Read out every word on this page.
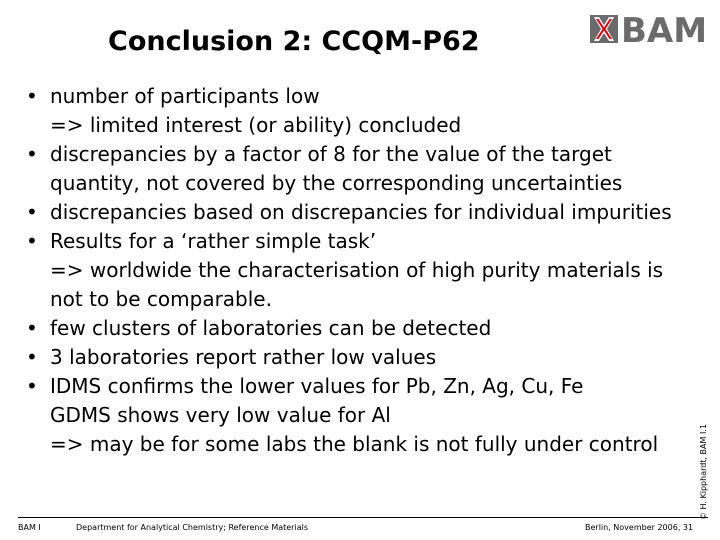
Conclusion 2: CCQM-P62	BAM
• number of participants low
=> limited interest (or ability) concluded
• discrepancies by a factor of 8 for the value of the target
quantity, not covered by the corresponding uncertainties
• discrepancies based on discrepancies for individual impurities
• Results for a ‘rather simple task’
=> worldwide the characterisation of high purity materials is
not to be comparable.
• few clusters of laboratories can be detected
• 3 laboratories report rather low values
• IDMS confirms the lower values for Pb, Zn, Ag, Cu, Fe
GDMS shows very low value for Al
=> may be for some labs the blank is not fully under control	© H. Kipphardt, BAM I.1
BAM I	Department for Analytical Chemistry; Reference Materials	Berlin, November 2006, 31
